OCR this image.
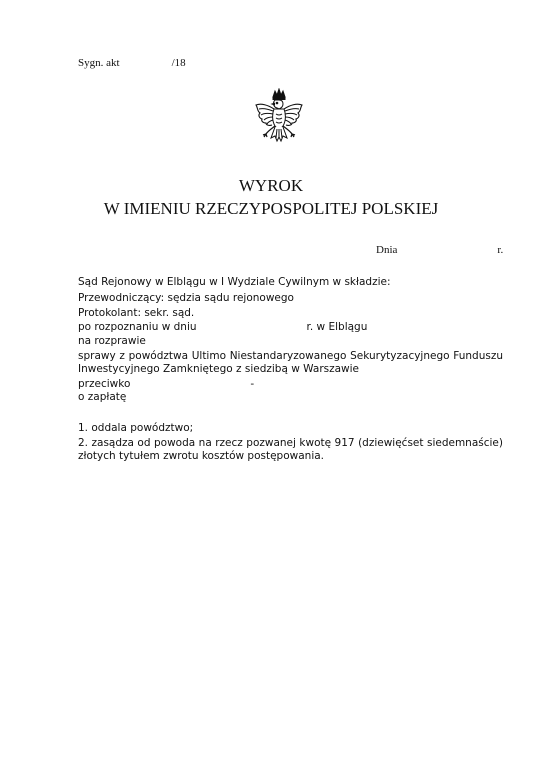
Sygn. akt	/18
WYROK
W IMIENIU RZECZYPOSPOLITEJ POLSKIEJ
Dnia	r.
Sąd Rejonowy w Elblągu w I Wydziale Cywilnym w składzie:
Przewodniczący: sędzia sądu rejonowego
Protokolant: sekr. sąd.
po rozpoznaniu w dniu	r. w Elblągu
na rozprawie
sprawy z powództwa Ultimo Niestandaryzowanego Sekurytyzacyjnego Funduszu Inwestycyjnego Zamkniętego z siedzibą w Warszawie
przeciwko	-
o zapłatę
1. oddala powództwo;
2. zasądza od powoda na rzecz pozwanej kwotę 917 (dziewięćset siedemnaście) złotych tytułem zwrotu kosztów postępowania.
